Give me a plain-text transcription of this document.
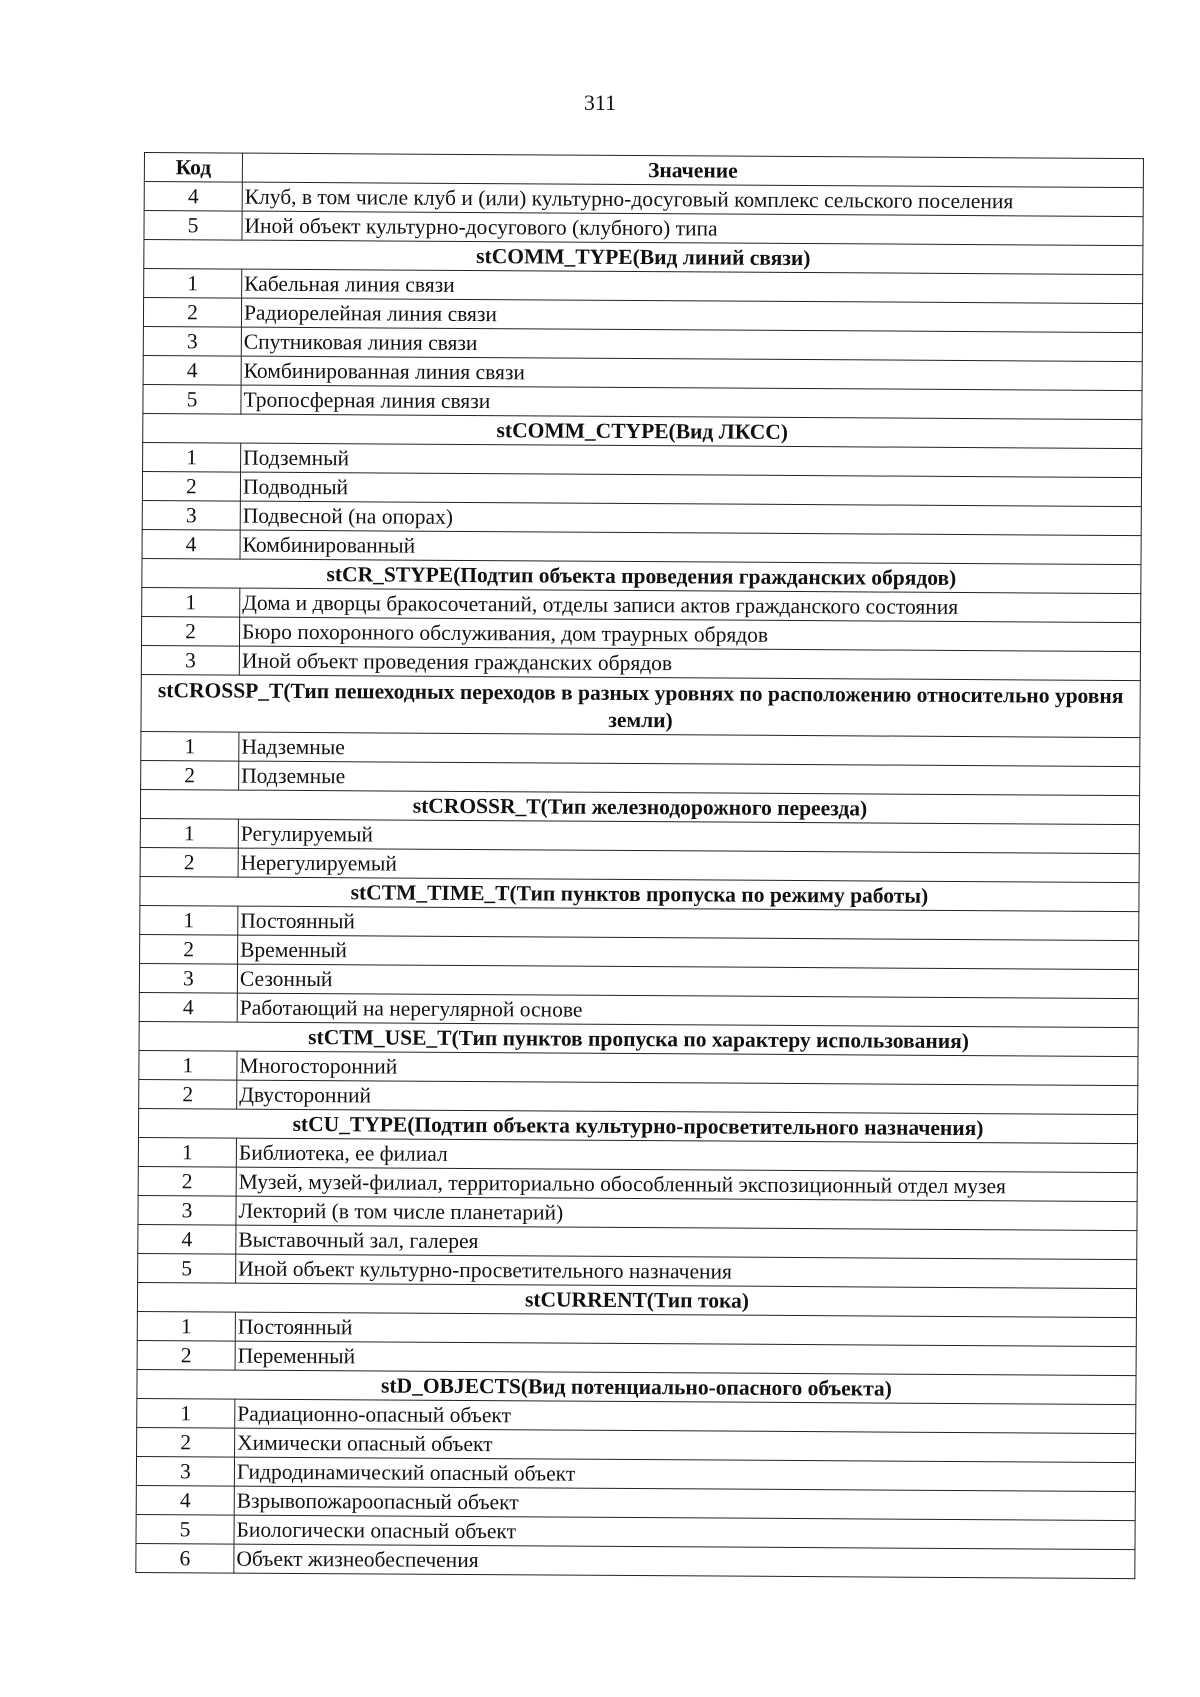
311
Код	Значение
4	Клуб, в том числе клуб и (или) культурно-досуговый комплекс сельского поселения
5	Иной объект культурно-досугового (клубного) типа
stCOMM_TYPE(Вид линий связи)	
1	Кабельная линия связи
2	Радиорелейная линия связи
3	Спутниковая линия связи
4	Комбинированная линия связи
5	Тропосферная линия связи
stCOMM_CTYPE(Вид ЛКСС)	
1	Подземный
2	Подводный
3	Подвесной (на опорах)
4	Комбинированный
stCR_STYPE(Подтип объекта проведения гражданских обрядов)	
1	Дома и дворцы бракосочетаний, отделы записи актов гражданского состояния
2	Бюро похоронного обслуживания, дом траурных обрядов
3	Иной объект проведения гражданских обрядов
stCROSSP_T(Тип пешеходных переходов в разных уровнях по расположению относительно уровня земли)	
1	Надземные
2	Подземные
stCROSSR_T(Тип железнодорожного переезда)	
1	Регулируемый
2	Нерегулируемый
stCTM_TIME_T(Тип пунктов пропуска по режиму работы)	
1	Постоянный
2	Временный
3	Сезонный
4	Работающий на нерегулярной основе
stCTM_USE_T(Тип пунктов пропуска по характеру использования)	
1	Многосторонний
2	Двусторонний
stCU_TYPE(Подтип объекта культурно-просветительного назначения)	
1	Библиотека, ее филиал
2	Музей, музей-филиал, территориально обособленный экспозиционный отдел музея
3	Лекторий (в том числе планетарий)
4	Выставочный зал, галерея
5	Иной объект культурно-просветительного назначения
stCURRENT(Тип тока)	
1	Постоянный
2	Переменный
stD_OBJECTS(Вид потенциально-опасного объекта)	
1	Радиационно-опасный объект
2	Химически опасный объект
3	Гидродинамический опасный объект
4	Взрывопожароопасный объект
5	Биологически опасный объект
6	Объект жизнеобеспечения
